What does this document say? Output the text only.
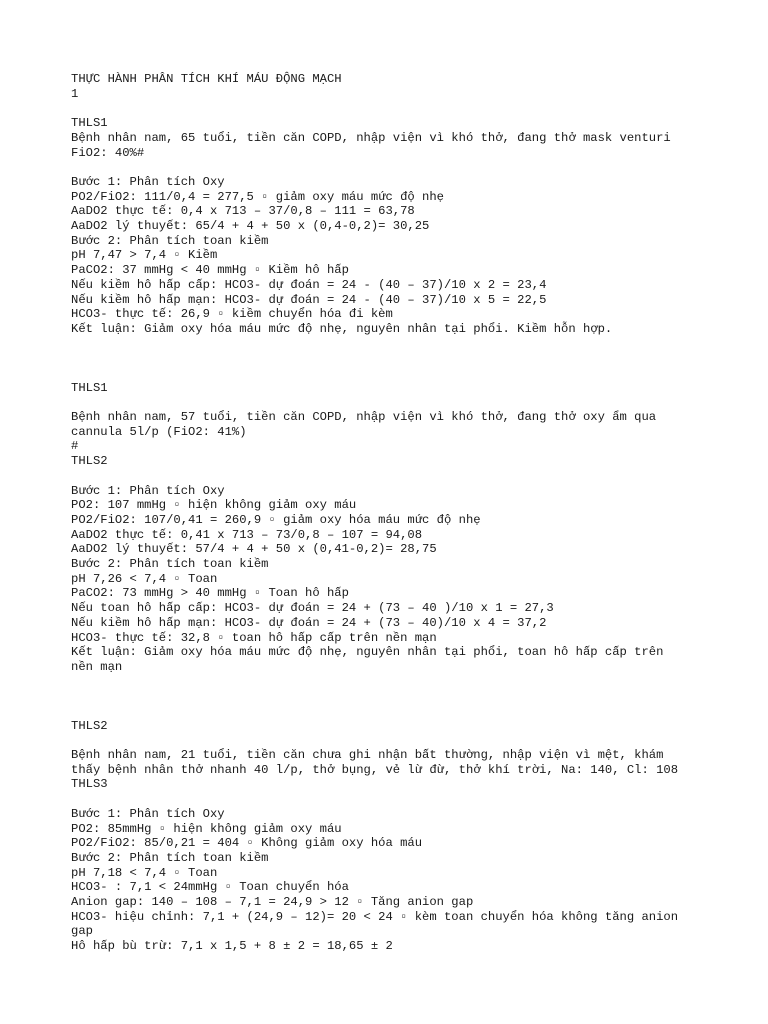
THỰC HÀNH PHÂN TÍCH KHÍ MÁU ĐỘNG MẠCH
1
THLS1
Bệnh nhân nam, 65 tuổi, tiền căn COPD, nhập viện vì khó thở, đang thở mask venturi
FiO2: 40%#
Bước 1: Phân tích Oxy
PO2/FiO2: 111/0,4 = 277,5 ▫ giảm oxy máu mức độ nhẹ
AaDO2 thực tế: 0,4 x 713 – 37/0,8 – 111 = 63,78
AaDO2 lý thuyết: 65/4 + 4 + 50 x (0,4-0,2)= 30,25
Bước 2: Phân tích toan kiềm
pH 7,47 > 7,4 ▫ Kiềm
PaCO2: 37 mmHg < 40 mmHg ▫ Kiềm hô hấp
Nếu kiềm hô hấp cấp: HCO3- dự đoán = 24 - (40 – 37)/10 x 2 = 23,4
Nếu kiềm hô hấp mạn: HCO3- dự đoán = 24 - (40 – 37)/10 x 5 = 22,5
HCO3- thực tế: 26,9 ▫ kiềm chuyển hóa đi kèm
Kết luận: Giảm oxy hóa máu mức độ nhẹ, nguyên nhân tại phổi. Kiềm hỗn hợp.
THLS1
Bệnh nhân nam, 57 tuổi, tiền căn COPD, nhập viện vì khó thở, đang thở oxy ẩm qua
cannula 5l/p (FiO2: 41%)
#
THLS2
Bước 1: Phân tích Oxy
PO2: 107 mmHg ▫ hiện không giảm oxy máu
PO2/FiO2: 107/0,41 = 260,9 ▫ giảm oxy hóa máu mức độ nhẹ
AaDO2 thực tế: 0,41 x 713 – 73/0,8 – 107 = 94,08
AaDO2 lý thuyết: 57/4 + 4 + 50 x (0,41-0,2)= 28,75
Bước 2: Phân tích toan kiềm
pH 7,26 < 7,4 ▫ Toan
PaCO2: 73 mmHg > 40 mmHg ▫ Toan hô hấp
Nếu toan hô hấp cấp: HCO3- dự đoán = 24 + (73 – 40 )/10 x 1 = 27,3
Nếu kiềm hô hấp mạn: HCO3- dự đoán = 24 + (73 – 40)/10 x 4 = 37,2
HCO3- thực tế: 32,8 ▫ toan hô hấp cấp trên nền mạn
Kết luận: Giảm oxy hóa máu mức độ nhẹ, nguyên nhân tại phổi, toan hô hấp cấp trên
nền mạn
THLS2
Bệnh nhân nam, 21 tuổi, tiền căn chưa ghi nhận bất thường, nhập viện vì mệt, khám
thấy bệnh nhân thở nhanh 40 l/p, thở bụng, vẻ lừ đừ, thở khí trời, Na: 140, Cl: 108
THLS3
Bước 1: Phân tích Oxy
PO2: 85mmHg ▫ hiện không giảm oxy máu
PO2/FiO2: 85/0,21 = 404 ▫ Không giảm oxy hóa máu
Bước 2: Phân tích toan kiềm
pH 7,18 < 7,4 ▫ Toan
HCO3- : 7,1 < 24mmHg ▫ Toan chuyển hóa
Anion gap: 140 – 108 – 7,1 = 24,9 > 12 ▫ Tăng anion gap
HCO3- hiệu chỉnh: 7,1 + (24,9 – 12)= 20 < 24 ▫ kèm toan chuyển hóa không tăng anion
gap
Hô hấp bù trừ: 7,1 x 1,5 + 8 ± 2 = 18,65 ± 2
